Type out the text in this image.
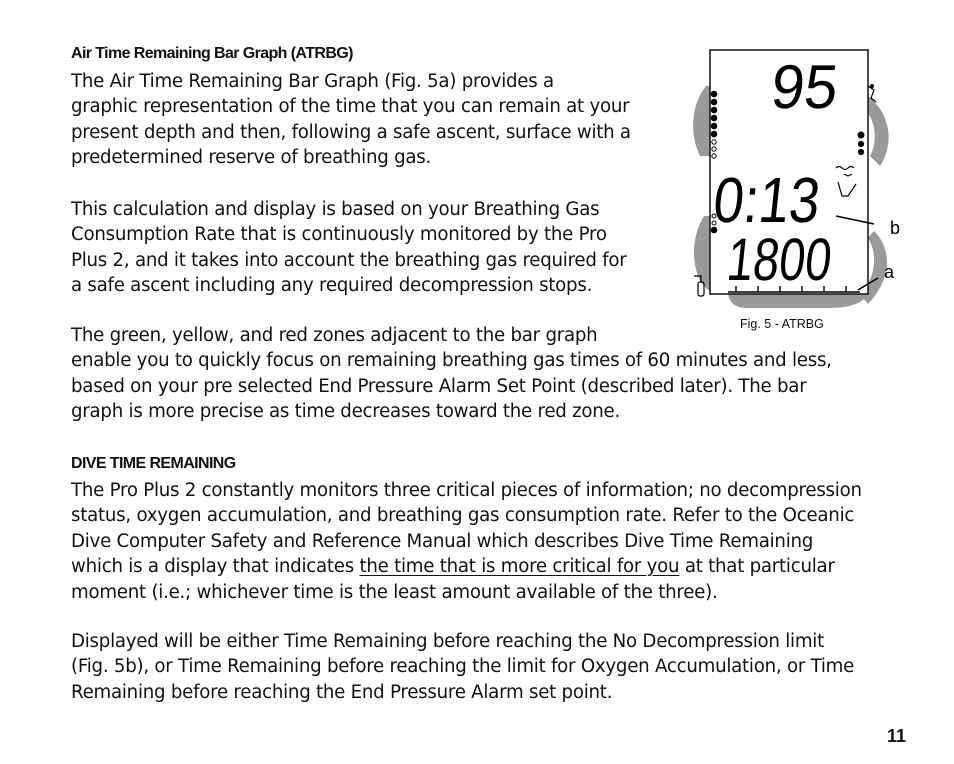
Air Time Remaining Bar Graph (ATRBG)
The Air Time Remaining Bar Graph (Fig. 5a) provides a
graphic representation of the time that you can remain at your
present depth and then, following a safe ascent, surface with a
predetermined reserve of breathing gas.
This calculation and display is based on your Breathing Gas
Consumption Rate that is continuously monitored by the Pro
Plus 2, and it takes into account the breathing gas required for
a safe ascent including any required decompression stops.
The green, yellow, and red zones adjacent to the bar graph
enable you to quickly focus on remaining breathing gas times of 60 minutes and less,
based on your pre selected End Pressure Alarm Set Point (described later). The bar
graph is more precise as time decreases toward the red zone.
DIVE TIME REMAINING
The Pro Plus 2 constantly monitors three critical pieces of information; no decompression
status, oxygen accumulation, and breathing gas consumption rate. Refer to the Oceanic
Dive Computer Safety and Reference Manual which describes Dive Time Remaining
which is a display that indicates the time that is more critical for you at that particular
moment (i.e.; whichever time is the least amount available of the three).
Displayed will be either Time Remaining before reaching the No Decompression limit
(Fig. 5b), or Time Remaining before reaching the limit for Oxygen Accumulation, or Time
Remaining before reaching the End Pressure Alarm set point.
95
0:13
1800 b
a
Fig. 5 - ATRBG
11
